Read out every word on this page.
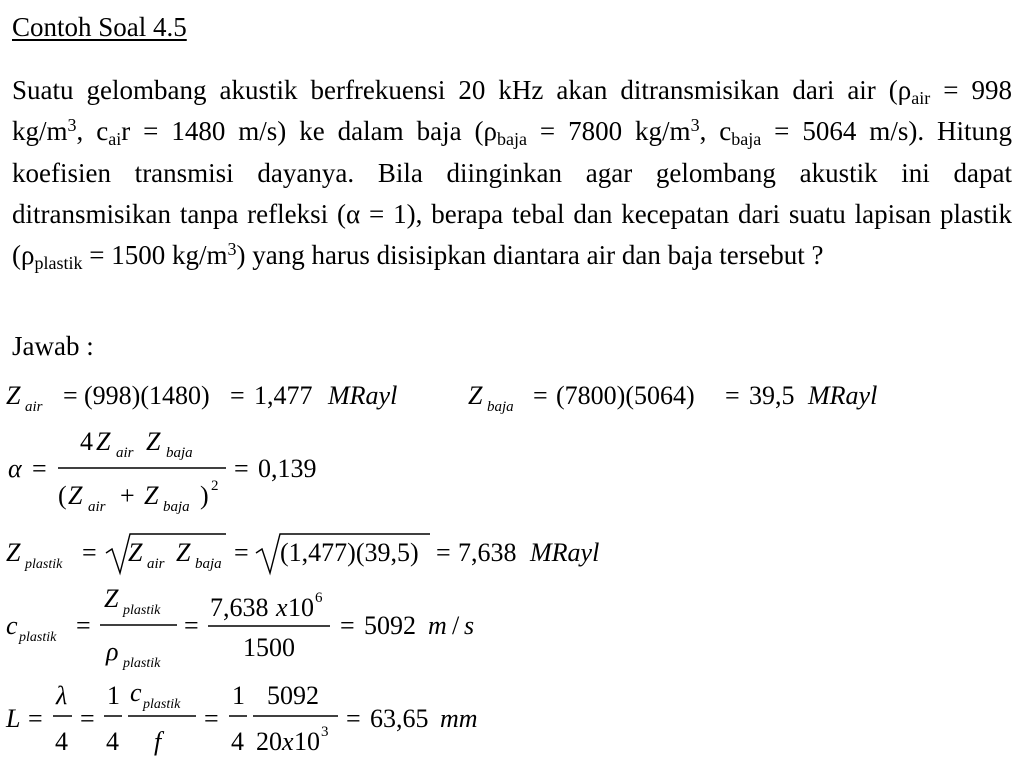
Contoh Soal 4.5
Suatu gelombang akustik berfrekuensi 20 kHz akan ditransmisikan dari air ($\rho_{air} = 998$ $kg/m^3$, $c_{ai}r = 1480$ m/s) ke dalam baja ($\rho_{baja} = 7800$ $kg/m^3$, $c_{baja} = 5064$ m/s). Hitung koefisien transmisi dayanya. Bila diinginkan agar gelombang akustik ini dapat ditransmisikan tanpa refleksi (α = 1), berapa tebal dan kecepatan dari suatu lapisan plastik ($\rho_{plastik} = 1500$ $kg/m^3$) yang harus disisipkan diantara air dan baja tersebut ?
Jawab :
Z air = (998)(1480) = 1,477 MRayl	Z baja = (7800)(5064) = 39,5 MRayl
α =
4 Z air Z baja
( Z air + Z baja ) 2
= 0,139
Z plastik = Z air Z baja = (1,477)(39,5) = 7,638 MRayl
c plastik =
Z plastik
ρ plastik
=
7,638 x 10 6
1500
= 5092 m / s
L =
λ
4
=
1
4
c plastik
f
=
1
4
5092
20 x 10 3 = 63,65 mm
